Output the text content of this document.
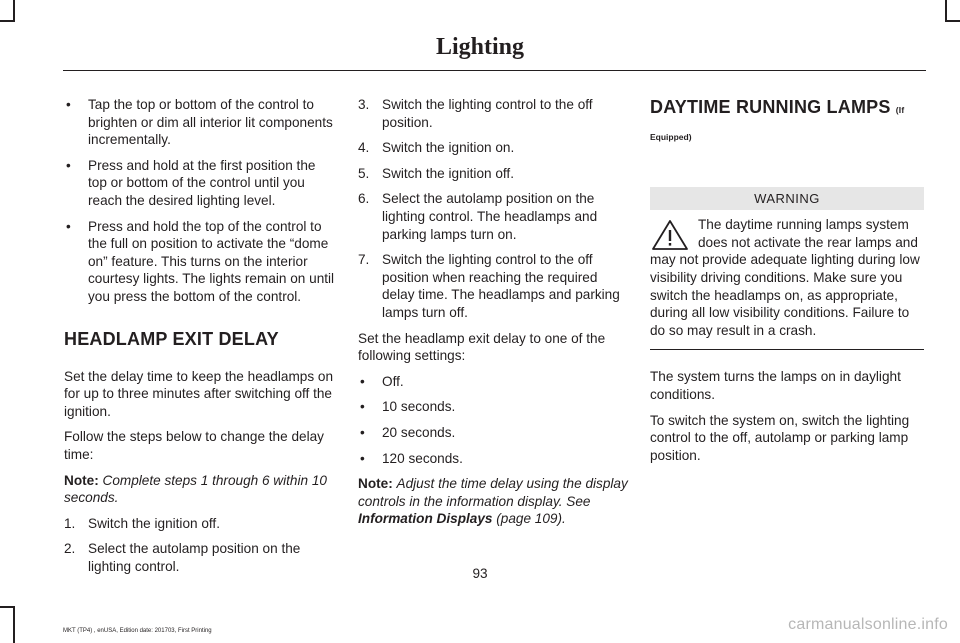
Lighting
• Tap the top or bottom of the control to brighten or dim all interior lit components incrementally.
• Press and hold at the first position the top or bottom of the control until you reach the desired lighting level.
• Press and hold the top of the control to the full on position to activate the “dome on” feature. This turns on the interior courtesy lights. The lights remain on until you press the bottom of the control.
HEADLAMP EXIT DELAY

Set the delay time to keep the headlamps on for up to three minutes after switching off the ignition.

Follow the steps below to change the delay time:

Note: Complete steps 1 through 6 within 10 seconds.

1. Switch the ignition off.
2. Select the autolamp position on the lighting control.
3. Switch the lighting control to the off position.
4. Switch the ignition on.
5. Switch the ignition off.
6. Select the autolamp position on the lighting control. The headlamps and parking lamps turn on.
7. Switch the lighting control to the off position when reaching the required delay time. The headlamps and parking lamps turn off.

Set the headlamp exit delay to one of the following settings:

• Off.
• 10 seconds.
• 20 seconds.
• 120 seconds.

Note: Adjust the time delay using the display controls in the information display. See Information Displays (page 109).

DAYTIME RUNNING LAMPS (If
Equipped)
WARNING
The daytime running lamps system does not activate the rear lamps and
may not provide adequate lighting during low visibility driving conditions. Make sure you switch the headlamps on, as appropriate, during all low visibility conditions. Failure to do so may result in a crash.

The system turns the lamps on in daylight conditions.

To switch the system on, switch the lighting control to the off, autolamp or parking lamp position.

93
MKT (TP4) , enUSA, Edition date: 201703, First Printing	carmanualsonline.info
